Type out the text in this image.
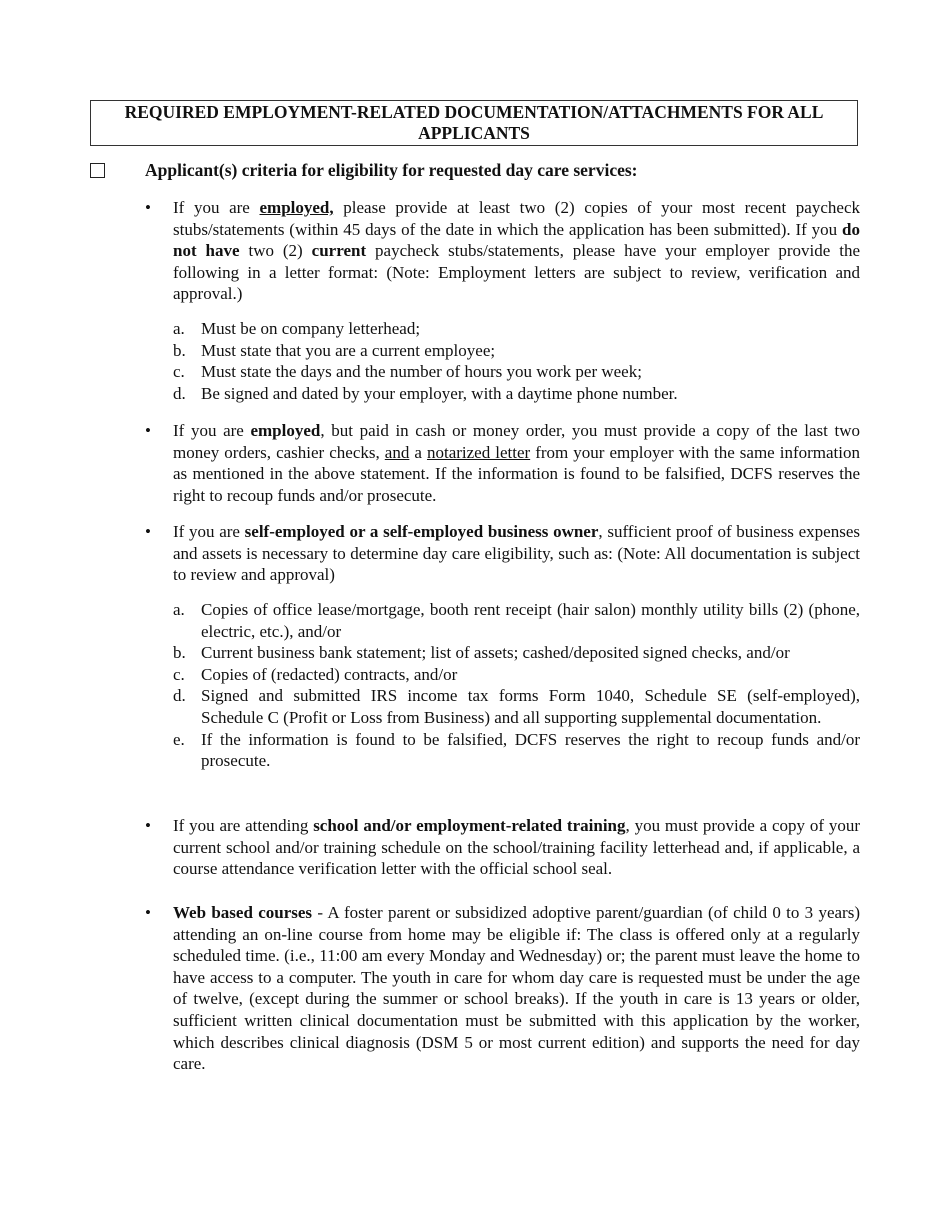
REQUIRED EMPLOYMENT-RELATED DOCUMENTATION/ATTACHMENTS FOR ALL APPLICANTS
Applicant(s) criteria for eligibility for requested day care services:
•	If you are employed, please provide at least two (2) copies of your most recent paycheck stubs/statements (within 45 days of the date in which the application has been submitted). If you do not have two (2) current paycheck stubs/statements, please have your employer provide the following in a letter format: (Note: Employment letters are subject to review, verification and approval.)
a. Must be on company letterhead;
b. Must state that you are a current employee;
c. Must state the days and the number of hours you work per week;
d. Be signed and dated by your employer, with a daytime phone number.
•	If you are employed, but paid in cash or money order, you must provide a copy of the last two money orders, cashier checks, and a notarized letter from your employer with the same information as mentioned in the above statement. If the information is found to be falsified, DCFS reserves the right to recoup funds and/or prosecute.
•	If you are self-employed or a self-employed business owner, sufficient proof of business expenses and assets is necessary to determine day care eligibility, such as: (Note: All documentation is subject to review and approval)
a. Copies of office lease/mortgage, booth rent receipt (hair salon) monthly utility bills (2) (phone, electric, etc.), and/or
b. Current business bank statement; list of assets; cashed/deposited signed checks, and/or
c. Copies of (redacted) contracts, and/or
d. Signed and submitted IRS income tax forms Form 1040, Schedule SE (self-employed), Schedule C (Profit or Loss from Business) and all supporting supplemental documentation.
e. If the information is found to be falsified, DCFS reserves the right to recoup funds and/or prosecute.
•	If you are attending school and/or employment-related training, you must provide a copy of your current school and/or training schedule on the school/training facility letterhead and, if applicable, a course attendance verification letter with the official school seal.
•	Web based courses - A foster parent or subsidized adoptive parent/guardian (of child 0 to 3 years) attending an on-line course from home may be eligible if: The class is offered only at a regularly scheduled time. (i.e., 11:00 am every Monday and Wednesday) or; the parent must leave the home to have access to a computer. The youth in care for whom day care is requested must be under the age of twelve, (except during the summer or school breaks). If the youth in care is 13 years or older, sufficient written clinical documentation must be submitted with this application by the worker, which describes clinical diagnosis (DSM 5 or most current edition) and supports the need for day care.
